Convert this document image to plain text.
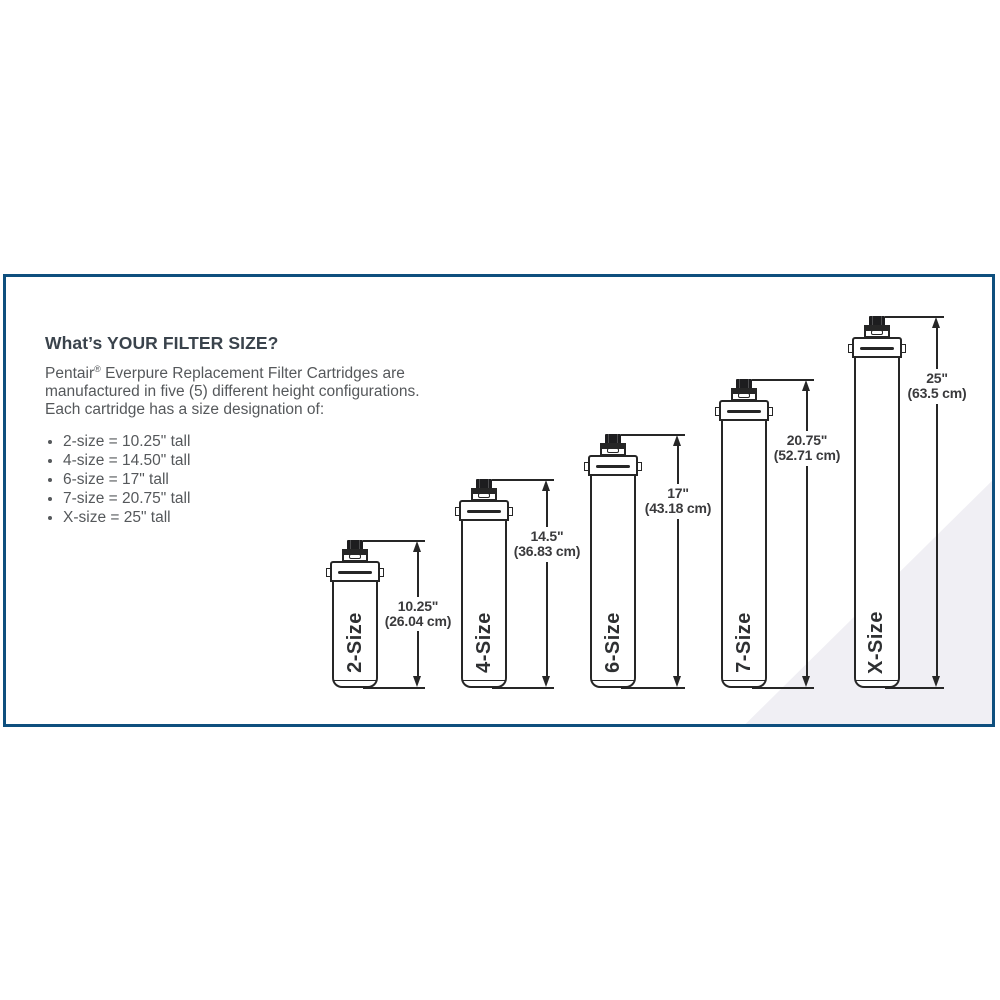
What’s YOUR FILTER SIZE?
Pentair® Everpure Replacement Filter Cartridges are
manufactured in five (5) different height configurations.
Each cartridge has a size designation of:
2-size = 10.25" tall
4-size = 14.50" tall
6-size = 17" tall
7-size = 20.75" tall
X-size = 25" tall
10.25"
(26.04 cm)
2-Size
14.5"
(36.83 cm)
4-Size
17"
(43.18 cm)
6-Size
20.75"
(52.71 cm)
7-Size
25"
(63.5 cm)
X-Size
